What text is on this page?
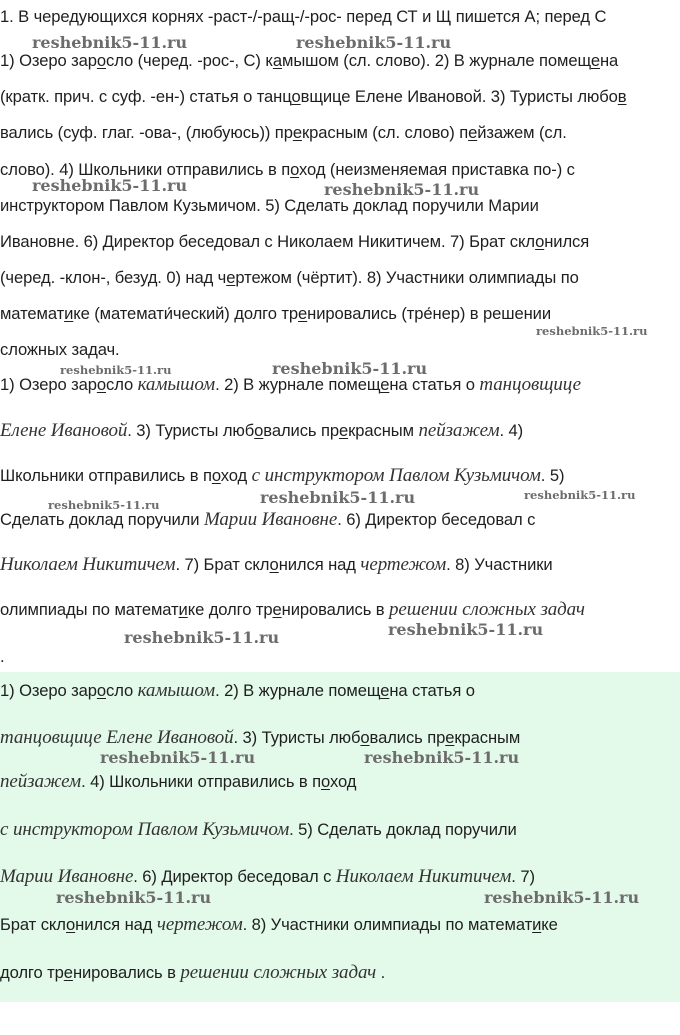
1. В чередующихся корнях -раст-/-ращ-/-рос- перед СТ и Щ пишется А; перед С
1) Озеро заросло (черед. -рос-, С) камышом (сл. слово). 2) В журнале помещена
(кратк. прич. с суф. -ен-) статья о танцовщице Елене Ивановой. 3) Туристы любов
вались (суф. глаг. -ова-, (любуюсь)) прекрасным (сл. слово) пейзажем (сл.
слово). 4) Школьники отправились в поход (неизменяемая приставка по-) с
инструктором Павлом Кузьмичом. 5) Сделать доклад поручили Марии
Ивановне. 6) Директор беседовал с Николаем Никитичем. 7) Брат склонился
(черед. -клон-, безуд. 0) над чертежом (чёртит). 8) Участники олимпиады по
математике (математи́ческий) долго тренировались (тре́нер) в решении
сложных задач.
1) Озеро заросло камышом. 2) В журнале помещена статья о танцовщице
Елене Ивановой. 3) Туристы любовались прекрасным пейзажем. 4)
Школьники отправились в поход с инструктором Павлом Кузьмичом. 5)
Сделать доклад поручили Марии Ивановне. 6) Директор беседовал с
Николаем Никитичем. 7) Брат склонился над чертежом. 8) Участники
олимпиады по математике долго тренировались в решении сложных задач
.
1) Озеро заросло камышом. 2) В журнале помещена статья о
танцовщице Елене Ивановой. 3) Туристы любовались прекрасным
пейзажем. 4) Школьники отправились в поход
с инструктором Павлом Кузьмичом. 5) Сделать доклад поручили
Марии Ивановне. 6) Директор беседовал с Николаем Никитичем. 7)
Брат склонился над чертежом. 8) Участники олимпиады по математике
долго тренировались в решении сложных задач .
reshebnik5-11.ru	reshebnik5-11.ru
reshebnik5-11.ru	reshebnik5-11.ru
reshebnik5-11.ru
reshebnik5-11.ru	reshebnik5-11.ru
reshebnik5-11.ru	reshebnik5-11.ru	reshebnik5-11.ru
reshebnik5-11.ru	reshebnik5-11.ru
reshebnik5-11.ru	reshebnik5-11.ru
reshebnik5-11.ru	reshebnik5-11.ru
